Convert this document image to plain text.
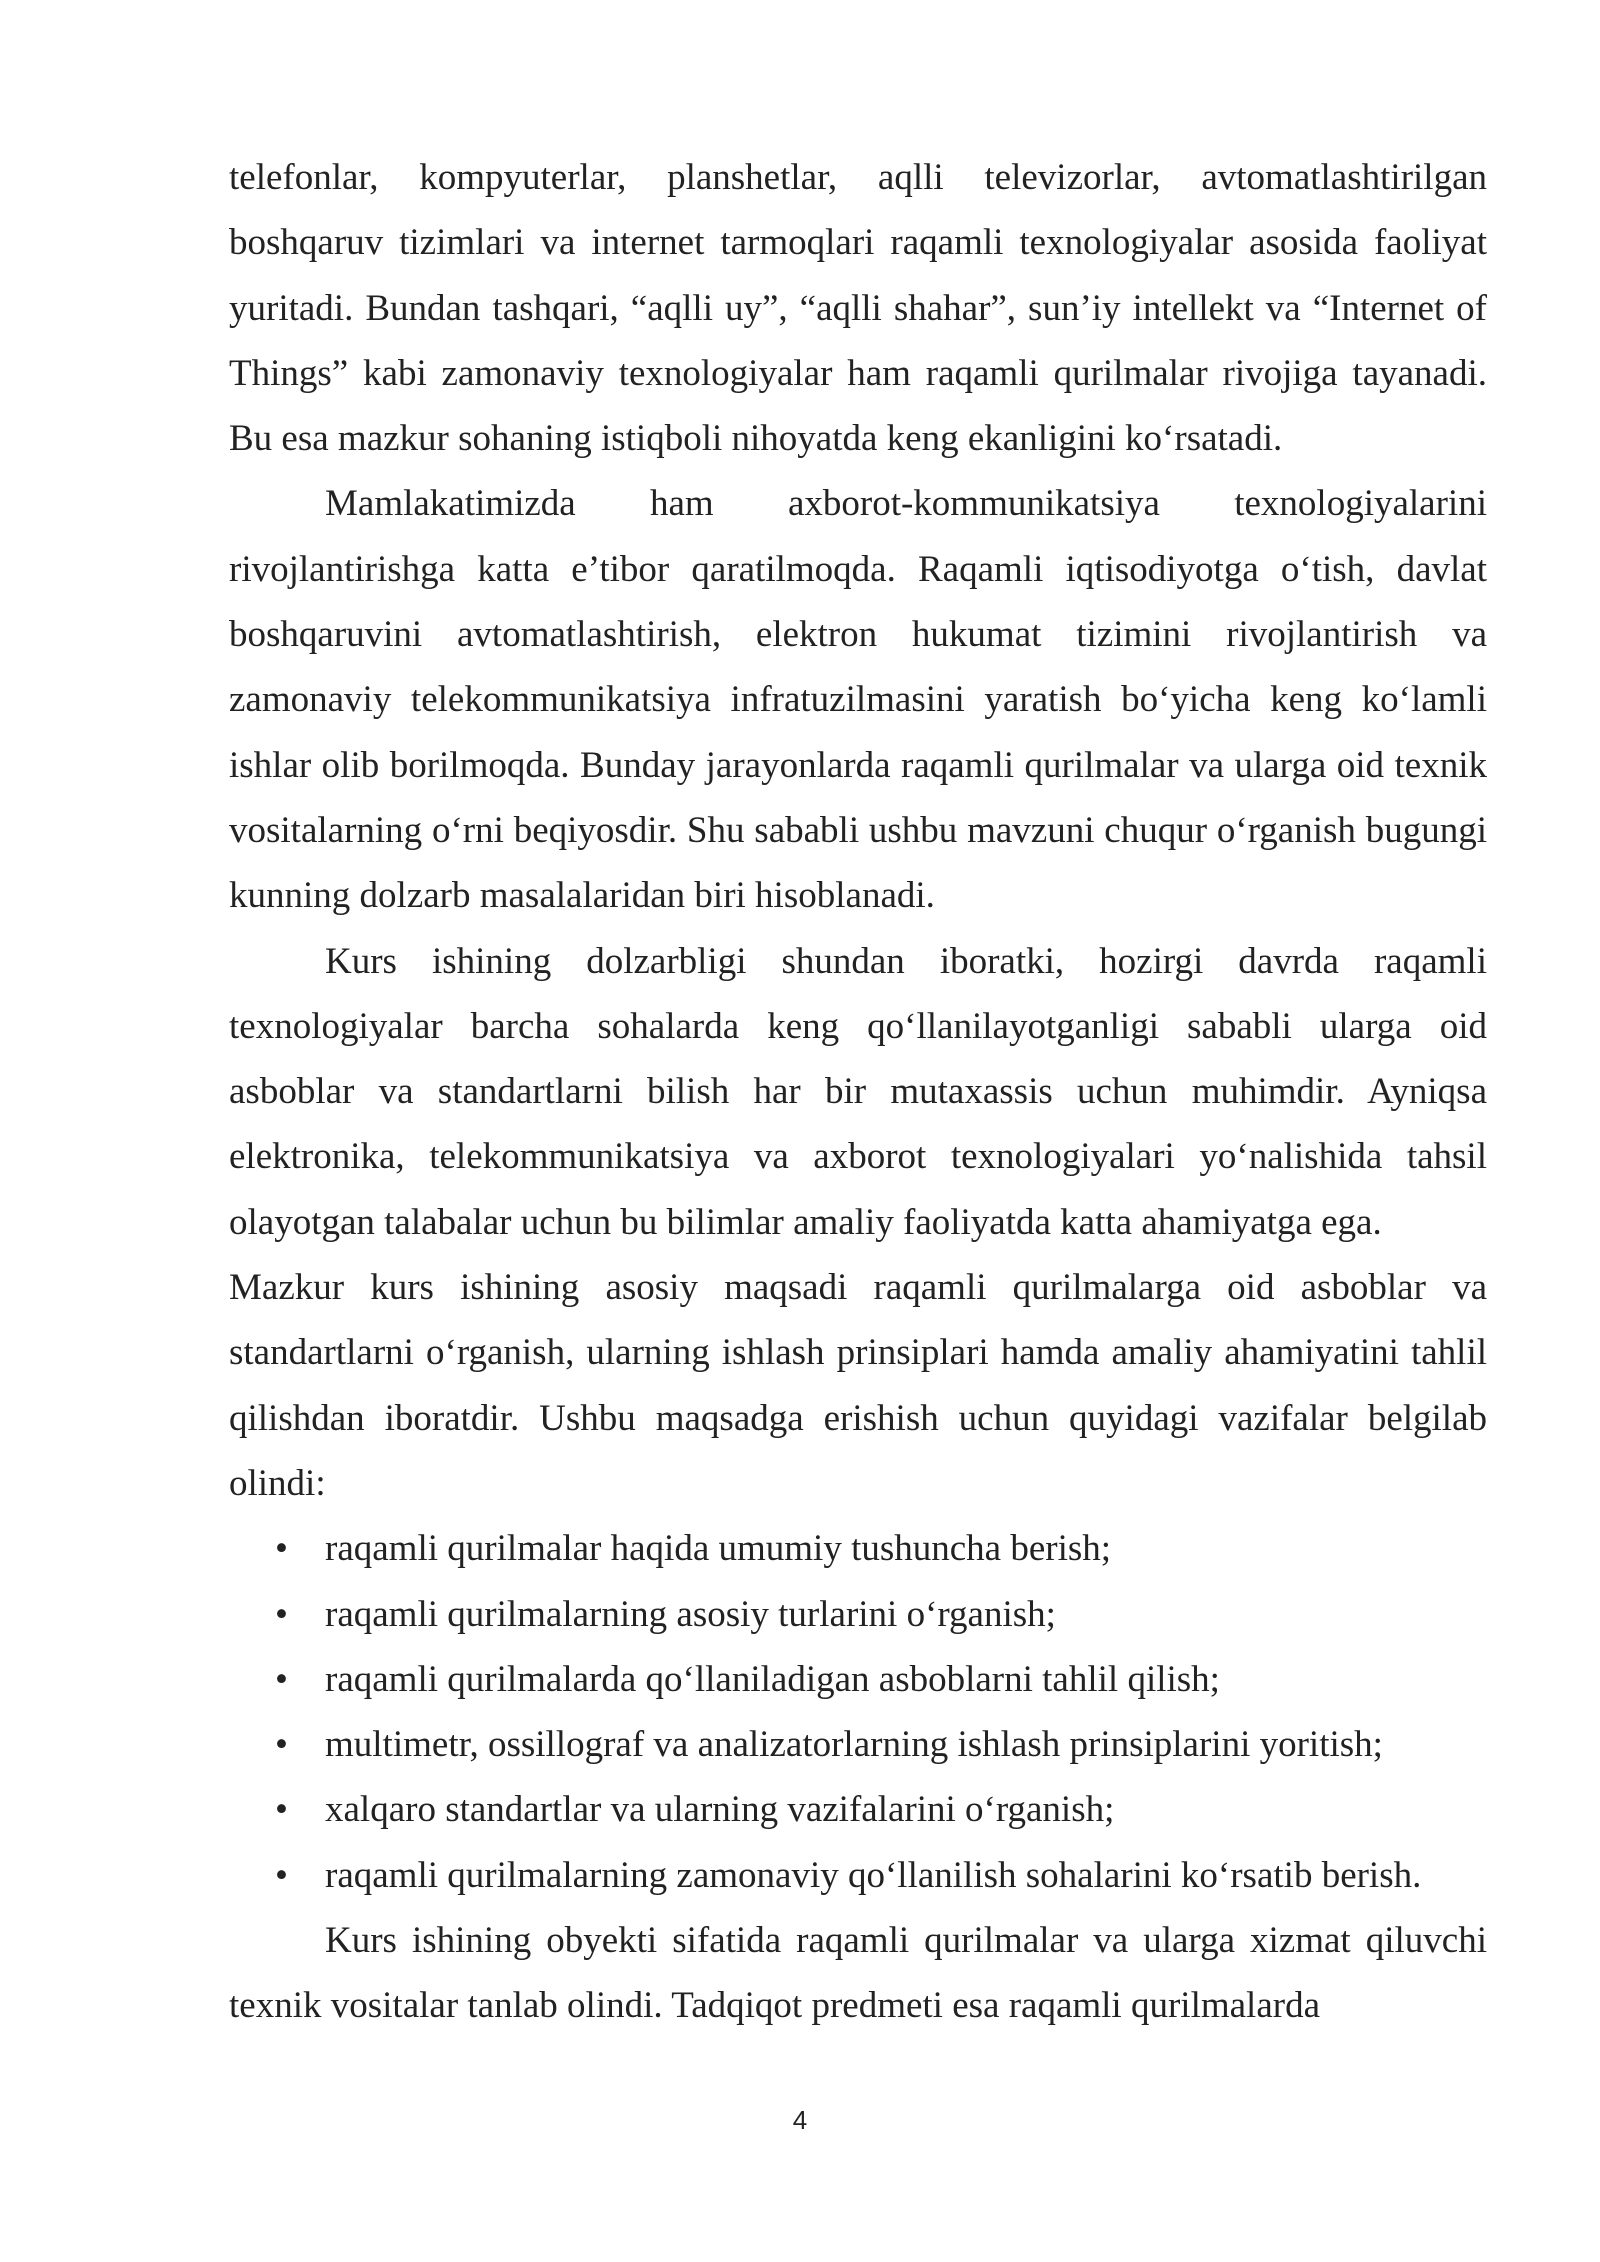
telefonlar, kompyuterlar, planshetlar, aqlli televizorlar, avtomatlashtirilgan boshqaruv tizimlari va internet tarmoqlari raqamli texnologiyalar asosida faoliyat yuritadi. Bundan tashqari, “aqlli uy”, “aqlli shahar”, sun’iy intellekt va “Internet of Things” kabi zamonaviy texnologiyalar ham raqamli qurilmalar rivojiga tayanadi. Bu esa mazkur sohaning istiqboli nihoyatda keng ekanligini koʻrsatadi.

Mamlakatimizda ham axborot-kommunikatsiya texnologiyalarini rivojlantirishga katta e’tibor qaratilmoqda. Raqamli iqtisodiyotga oʻtish, davlat boshqaruvini avtomatlashtirish, elektron hukumat tizimini rivojlantirish va zamonaviy telekommunikatsiya infratuzilmasini yaratish boʻyicha keng koʻlamli ishlar olib borilmoqda. Bunday jarayonlarda raqamli qurilmalar va ularga oid texnik vositalarning oʻrni beqiyosdir. Shu sababli ushbu mavzuni chuqur oʻrganish bugungi kunning dolzarb masalalaridan biri hisoblanadi.

Kurs ishining dolzarbligi shundan iboratki, hozirgi davrda raqamli texnologiyalar barcha sohalarda keng qoʻllanilayotganligi sababli ularga oid asboblar va standartlarni bilish har bir mutaxassis uchun muhimdir. Ayniqsa elektronika, telekommunikatsiya va axborot texnologiyalari yoʻnalishida tahsil olayotgan talabalar uchun bu bilimlar amaliy faoliyatda katta ahamiyatga ega.

Mazkur kurs ishining asosiy maqsadi raqamli qurilmalarga oid asboblar va standartlarni oʻrganish, ularning ishlash prinsiplari hamda amaliy ahamiyatini tahlil qilishdan iboratdir. Ushbu maqsadga erishish uchun quyidagi vazifalar belgilab olindi:

• raqamli qurilmalar haqida umumiy tushuncha berish;
• raqamli qurilmalarning asosiy turlarini oʻrganish;
• raqamli qurilmalarda qoʻllaniladigan asboblarni tahlil qilish;
• multimetr, ossillograf va analizatorlarning ishlash prinsiplarini yoritish;
• xalqaro standartlar va ularning vazifalarini oʻrganish;
• raqamli qurilmalarning zamonaviy qoʻllanilish sohalarini koʻrsatib berish.

Kurs ishining obyekti sifatida raqamli qurilmalar va ularga xizmat qiluvchi texnik vositalar tanlab olindi. Tadqiqot predmeti esa raqamli qurilmalarda

4
